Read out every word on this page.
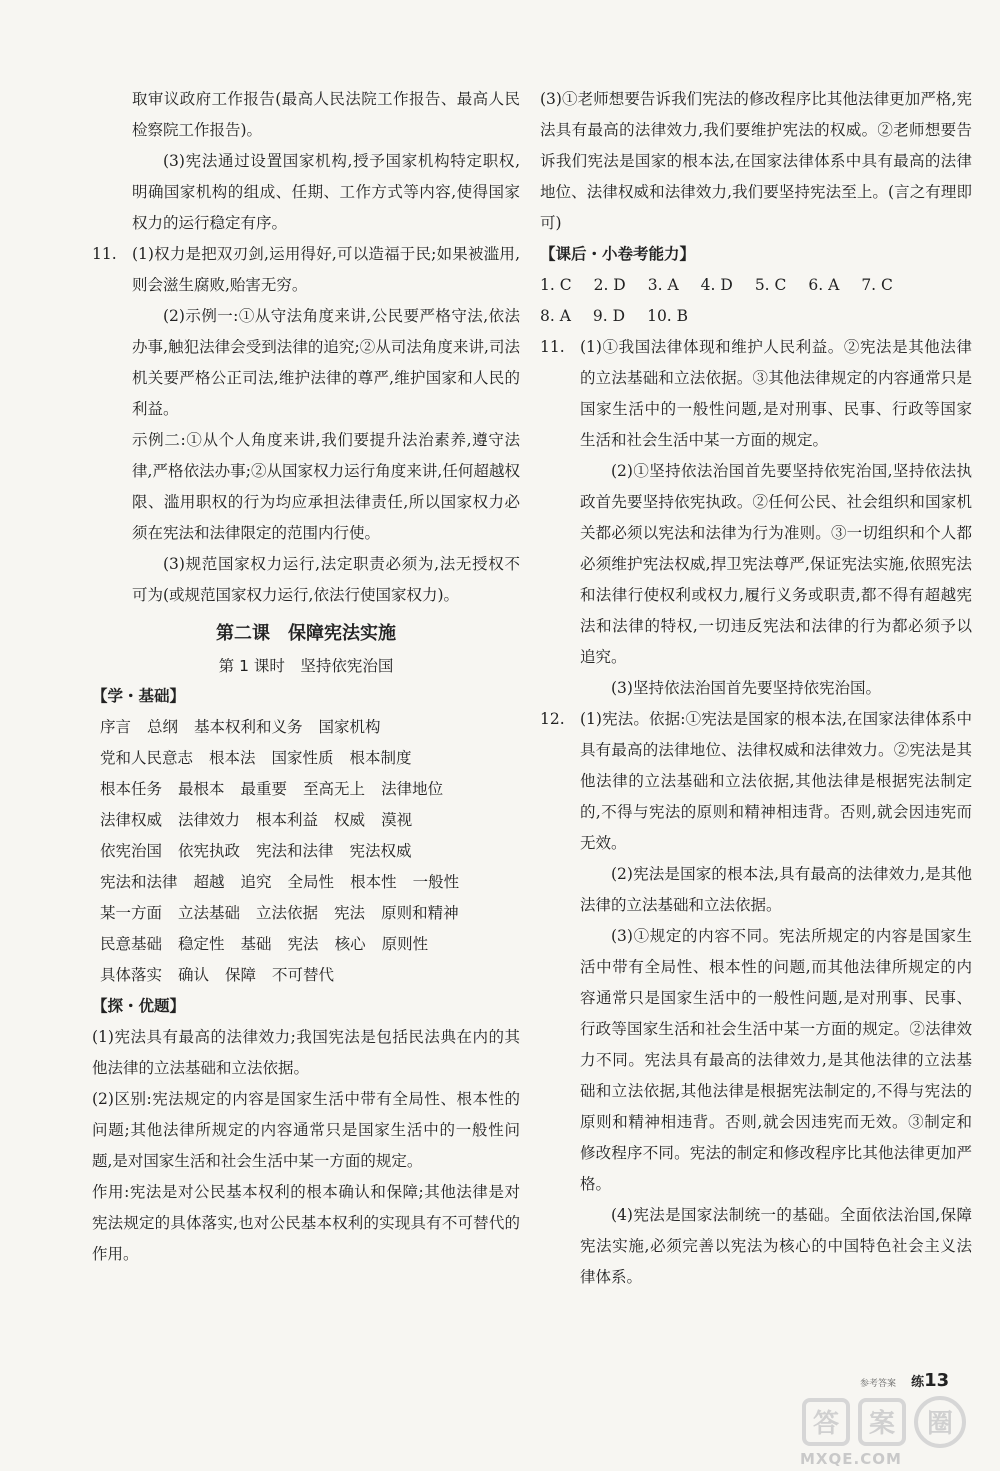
取审议政府工作报告(最高人民法院工作报告、最高人民检察院工作报告)。

(3)宪法通过设置国家机构,授予国家机构特定职权,明确国家机构的组成、任期、工作方式等内容,使得国家权力的运行稳定有序。

11. (1)权力是把双刃剑,运用得好,可以造福于民;如果被滥用,则会滋生腐败,贻害无穷。

(2)示例一:①从守法角度来讲,公民要严格守法,依法办事,触犯法律会受到法律的追究;②从司法角度来讲,司法机关要严格公正司法,维护法律的尊严,维护国家和人民的利益。

示例二:①从个人角度来讲,我们要提升法治素养,遵守法律,严格依法办事;②从国家权力运行角度来讲,任何超越权限、滥用职权的行为均应承担法律责任,所以国家权力必须在宪法和法律限定的范围内行使。

(3)规范国家权力运行,法定职责必须为,法无授权不可为(或规范国家权力运行,依法行使国家权力)。

第二课　保障宪法实施
第 1 课时　坚持依宪治国
【学・基础】
序言 总纲 基本权利和义务 国家机构
党和人民意志 根本法 国家性质 根本制度
根本任务 最根本 最重要 至高无上 法律地位
法律权威 法律效力 根本利益 权威 漠视
依宪治国 依宪执政 宪法和法律 宪法权威
宪法和法律 超越 追究 全局性 根本性 一般性
某一方面 立法基础 立法依据 宪法 原则和精神
民意基础 稳定性 基础 宪法 核心 原则性
具体落实 确认 保障 不可替代
【探・优题】

(1)宪法具有最高的法律效力;我国宪法是包括民法典在内的其他法律的立法基础和立法依据。

(2)区别:宪法规定的内容是国家生活中带有全局性、根本性的问题;其他法律所规定的内容通常只是国家生活中的一般性问题,是对国家生活和社会生活中某一方面的规定。

作用:宪法是对公民基本权利的根本确认和保障;其他法律是对宪法规定的具体落实,也对公民基本权利的实现具有不可替代的作用。

(3)①老师想要告诉我们宪法的修改程序比其他法律更加严格,宪法具有最高的法律效力,我们要维护宪法的权威。②老师想要告诉我们宪法是国家的根本法,在国家法律体系中具有最高的法律地位、法律权威和法律效力,我们要坚持宪法至上。(言之有理即可)

【课后・小卷考能力】
1. C 2. D 3. A 4. D 5. C 6. A 7. C
8. A 9. D 10. B
11. (1)①我国法律体现和维护人民利益。②宪法是其他法律的立法基础和立法依据。③其他法律规定的内容通常只是国家生活中的一般性问题,是对刑事、民事、行政等国家生活和社会生活中某一方面的规定。

(2)①坚持依法治国首先要坚持依宪治国,坚持依法执政首先要坚持依宪执政。②任何公民、社会组织和国家机关都必须以宪法和法律为行为准则。③一切组织和个人都必须维护宪法权威,捍卫宪法尊严,保证宪法实施,依照宪法和法律行使权利或权力,履行义务或职责,都不得有超越宪法和法律的特权,一切违反宪法和法律的行为都必须予以追究。

(3)坚持依法治国首先要坚持依宪治国。

12. (1)宪法。依据:①宪法是国家的根本法,在国家法律体系中具有最高的法律地位、法律权威和法律效力。②宪法是其他法律的立法基础和立法依据,其他法律是根据宪法制定的,不得与宪法的原则和精神相违背。否则,就会因违宪而无效。

(2)宪法是国家的根本法,具有最高的法律效力,是其他法律的立法基础和立法依据。

(3)①规定的内容不同。宪法所规定的内容是国家生活中带有全局性、根本性的问题,而其他法律所规定的内容通常只是国家生活中的一般性问题,是对刑事、民事、行政等国家生活和社会生活中某一方面的规定。②法律效力不同。宪法具有最高的法律效力,是其他法律的立法基础和立法依据,其他法律是根据宪法制定的,不得与宪法的原则和精神相违背。否则,就会因违宪而无效。③制定和修改程序不同。宪法的制定和修改程序比其他法律更加严格。

(4)宪法是国家法制统一的基础。全面依法治国,保障宪法实施,必须完善以宪法为核心的中国特色社会主义法律体系。

参考答案 练13
答 案 圈
MXQE.COM
